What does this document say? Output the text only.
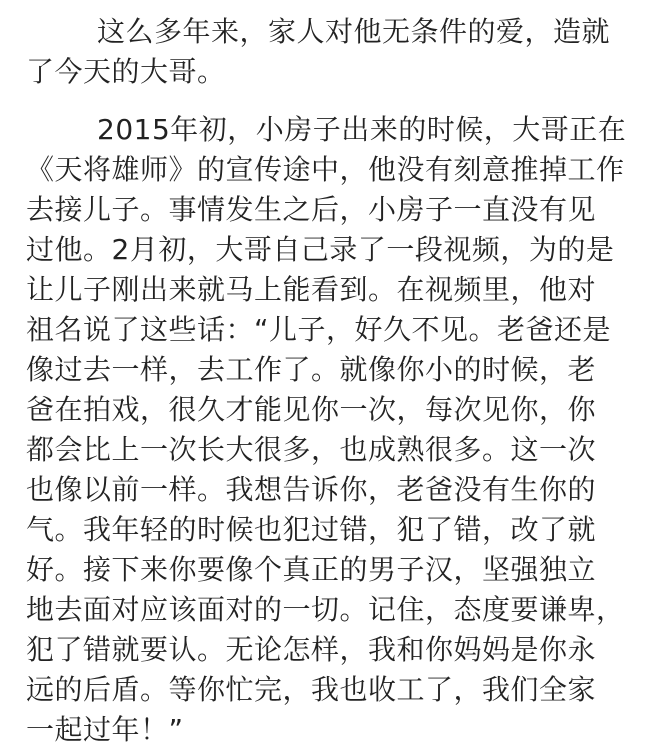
这么多年来，家人对他无条件的爱，造就
了今天的大哥。
2015年初，小房子出来的时候，大哥正在
《天将雄师》的宣传途中，他没有刻意推掉工作
去接儿子。事情发生之后，小房子一直没有见
过他。2月初，大哥自己录了一段视频，为的是
让儿子刚出来就马上能看到。在视频里，他对
祖名说了这些话：“儿子，好久不见。老爸还是
像过去一样，去工作了。就像你小的时候，老
爸在拍戏，很久才能见你一次，每次见你，你
都会比上一次长大很多，也成熟很多。这一次
也像以前一样。我想告诉你，老爸没有生你的
气。我年轻的时候也犯过错，犯了错，改了就
好。接下来你要像个真正的男子汉，坚强独立
地去面对应该面对的一切。记住，态度要谦卑，
犯了错就要认。无论怎样，我和你妈妈是你永
远的后盾。等你忙完，我也收工了，我们全家
一起过年！”
